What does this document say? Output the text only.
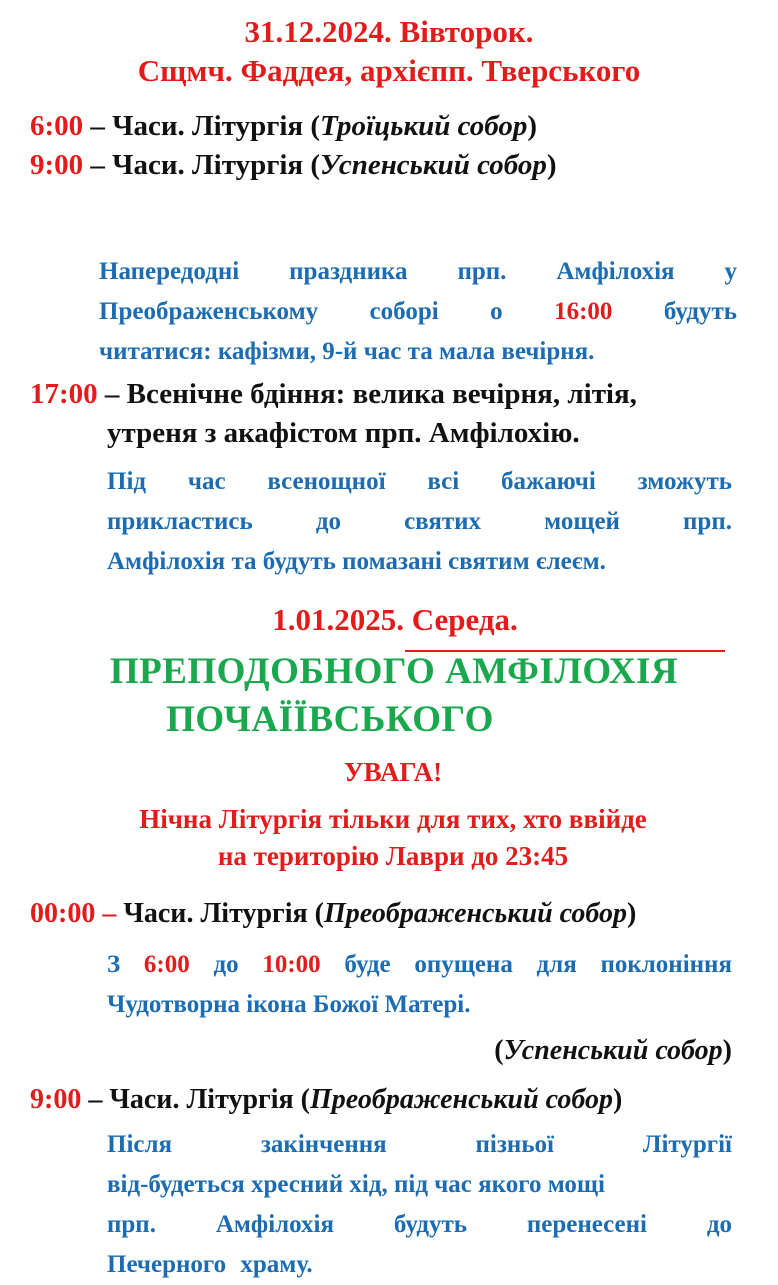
31.12.2024. Вівторок.
Сщмч. Фаддея, архієпп. Тверського
6:00 – Часи. Літургія (Троїцький собор)
9:00 – Часи. Літургія (Успенський собор)
Напередодні праздника прп. Амфілохія у
Преображенському соборі о 16:00 будуть
читатися: кафізми, 9-й час та мала вечірня.
17:00 – Всенічне бдіння: велика вечірня, літія,
утреня з акафістом прп. Амфілохію.
Під час всенощної всі бажаючі зможуть
приклaстись до святих мощей прп.
Амфілохія та будуть помазані святим єлеєм.
1.01.2025. Середа.
ПРЕПОДОБНОГО АМФІЛОХІЯ
ПОЧАЇЇВСЬКОГО
УВАГА!
Нічна Літургія тільки для тих, хто ввійде
на територію Лаври до 23:45
00:00 – Часи. Літургія (Преображенський собор)
З 6:00 до 10:00 буде опущена для поклоніння
Чудотворна ікона Божої Матері.
(Успенський собор)
9:00 – Часи. Літургія (Преображенський собор)
Після закінчення пізньої Літургії
від-будеться хресний хід, під час якого мощі
прп. Амфілохія будуть перенесені до
Печерного храму.
